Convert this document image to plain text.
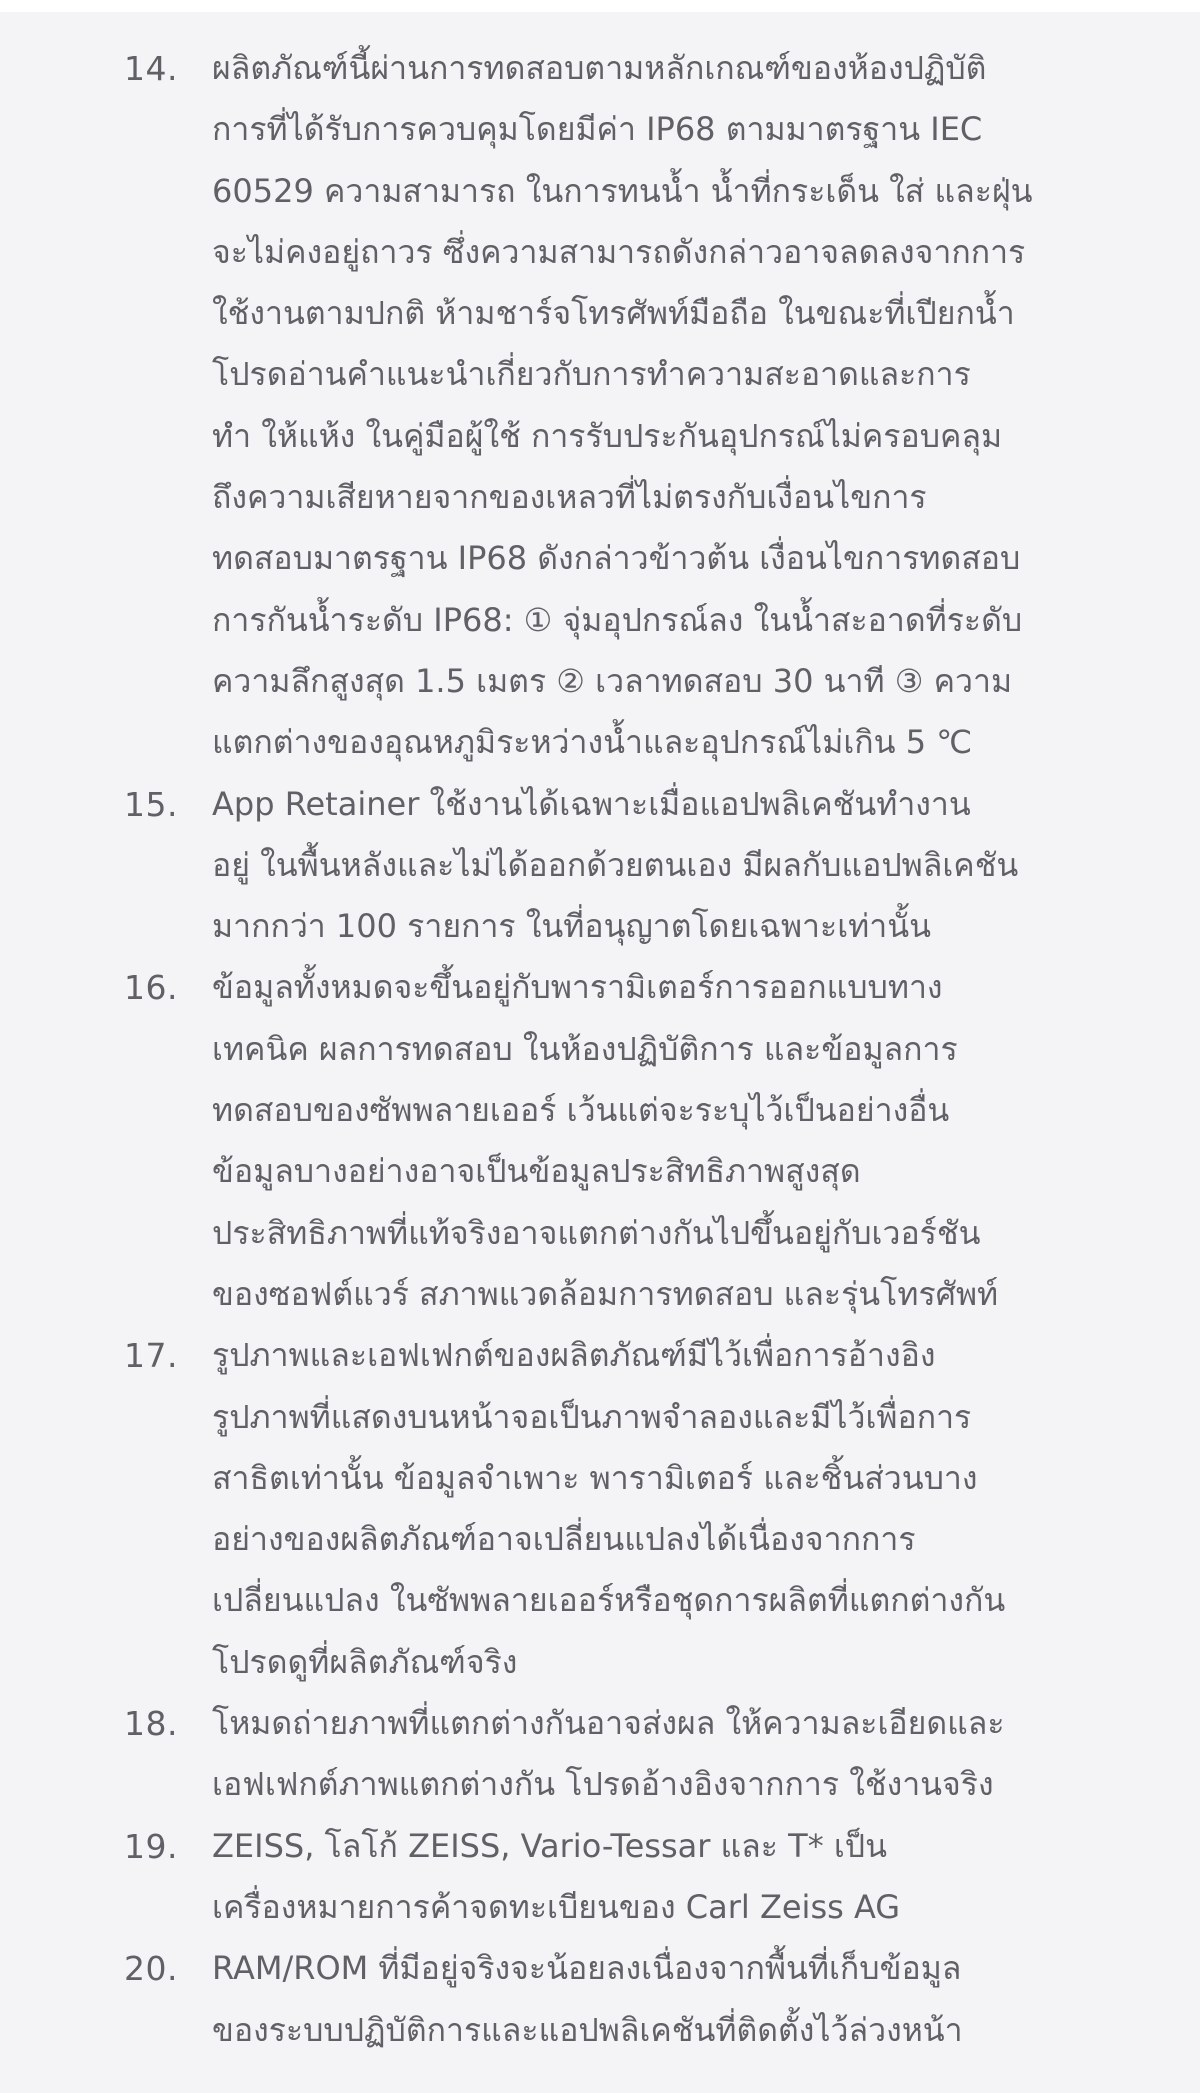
14.	ผลิตภัณฑ์นี้ผ่านการทดสอบตามหลักเกณฑ์ของห้องปฏิบัติ
การที่ได้รับการควบคุมโดยมีค่า IP68 ตามมาตรฐาน IEC
60529 ความสามารถ ในการทนน้ำ น้ำที่กระเด็น ใส่ และฝุ่น
จะไม่คงอยู่ถาวร ซึ่งความสามารถดังกล่าวอาจลดลงจากการ
ใช้งานตามปกติ ห้ามชาร์จโทรศัพท์มือถือ ในขณะที่เปียกน้ำ
โปรดอ่านคำแนะนำเกี่ยวกับการทำความสะอาดและการ
ทำ ให้แห้ง ในคู่มือผู้ใช้ การรับประกันอุปกรณ์ไม่ครอบคลุม
ถึงความเสียหายจากของเหลวที่ไม่ตรงกับเงื่อนไขการ
ทดสอบมาตรฐาน IP68 ดังกล่าวข้าวต้น เงื่อนไขการทดสอบ
การกันน้ำระดับ IP68: ① จุ่มอุปกรณ์ลง ในน้ำสะอาดที่ระดับ
ความลึกสูงสุด 1.5 เมตร ② เวลาทดสอบ 30 นาที ③ ความ
แตกต่างของอุณหภูมิระหว่างน้ำและอุปกรณ์ไม่เกิน 5 ℃
15.	App Retainer ใช้งานได้เฉพาะเมื่อแอปพลิเคชันทำงาน
อยู่ ในพื้นหลังและไม่ได้ออกด้วยตนเอง มีผลกับแอปพลิเคชัน
มากกว่า 100 รายการ ในที่อนุญาตโดยเฉพาะเท่านั้น
16.	ข้อมูลทั้งหมดจะขึ้นอยู่กับพารามิเตอร์การออกแบบทาง
เทคนิค ผลการทดสอบ ในห้องปฏิบัติการ และข้อมูลการ
ทดสอบของซัพพลายเออร์ เว้นแต่จะระบุไว้เป็นอย่างอื่น
ข้อมูลบางอย่างอาจเป็นข้อมูลประสิทธิภาพสูงสุด
ประสิทธิภาพที่แท้จริงอาจแตกต่างกันไปขึ้นอยู่กับเวอร์ชัน
ของซอฟต์แวร์ สภาพแวดล้อมการทดสอบ และรุ่นโทรศัพท์
17.	รูปภาพและเอฟเฟกต์ของผลิตภัณฑ์มีไว้เพื่อการอ้างอิง
รูปภาพที่แสดงบนหน้าจอเป็นภาพจำลองและมีไว้เพื่อการ
สาธิตเท่านั้น ข้อมูลจำเพาะ พารามิเตอร์ และชิ้นส่วนบาง
อย่างของผลิตภัณฑ์อาจเปลี่ยนแปลงได้เนื่องจากการ
เปลี่ยนแปลง ในซัพพลายเออร์หรือชุดการผลิตที่แตกต่างกัน
โปรดดูที่ผลิตภัณฑ์จริง
18.	โหมดถ่ายภาพที่แตกต่างกันอาจส่งผล ให้ความละเอียดและ
เอฟเฟกต์ภาพแตกต่างกัน โปรดอ้างอิงจากการ ใช้งานจริง
19.	ZEISS, โลโก้ ZEISS, Vario-Tessar และ T* เป็น
เครื่องหมายการค้าจดทะเบียนของ Carl Zeiss AG
20.	RAM/ROM ที่มีอยู่จริงจะน้อยลงเนื่องจากพื้นที่เก็บข้อมูล
ของระบบปฏิบัติการและแอปพลิเคชันที่ติดตั้งไว้ล่วงหน้า
